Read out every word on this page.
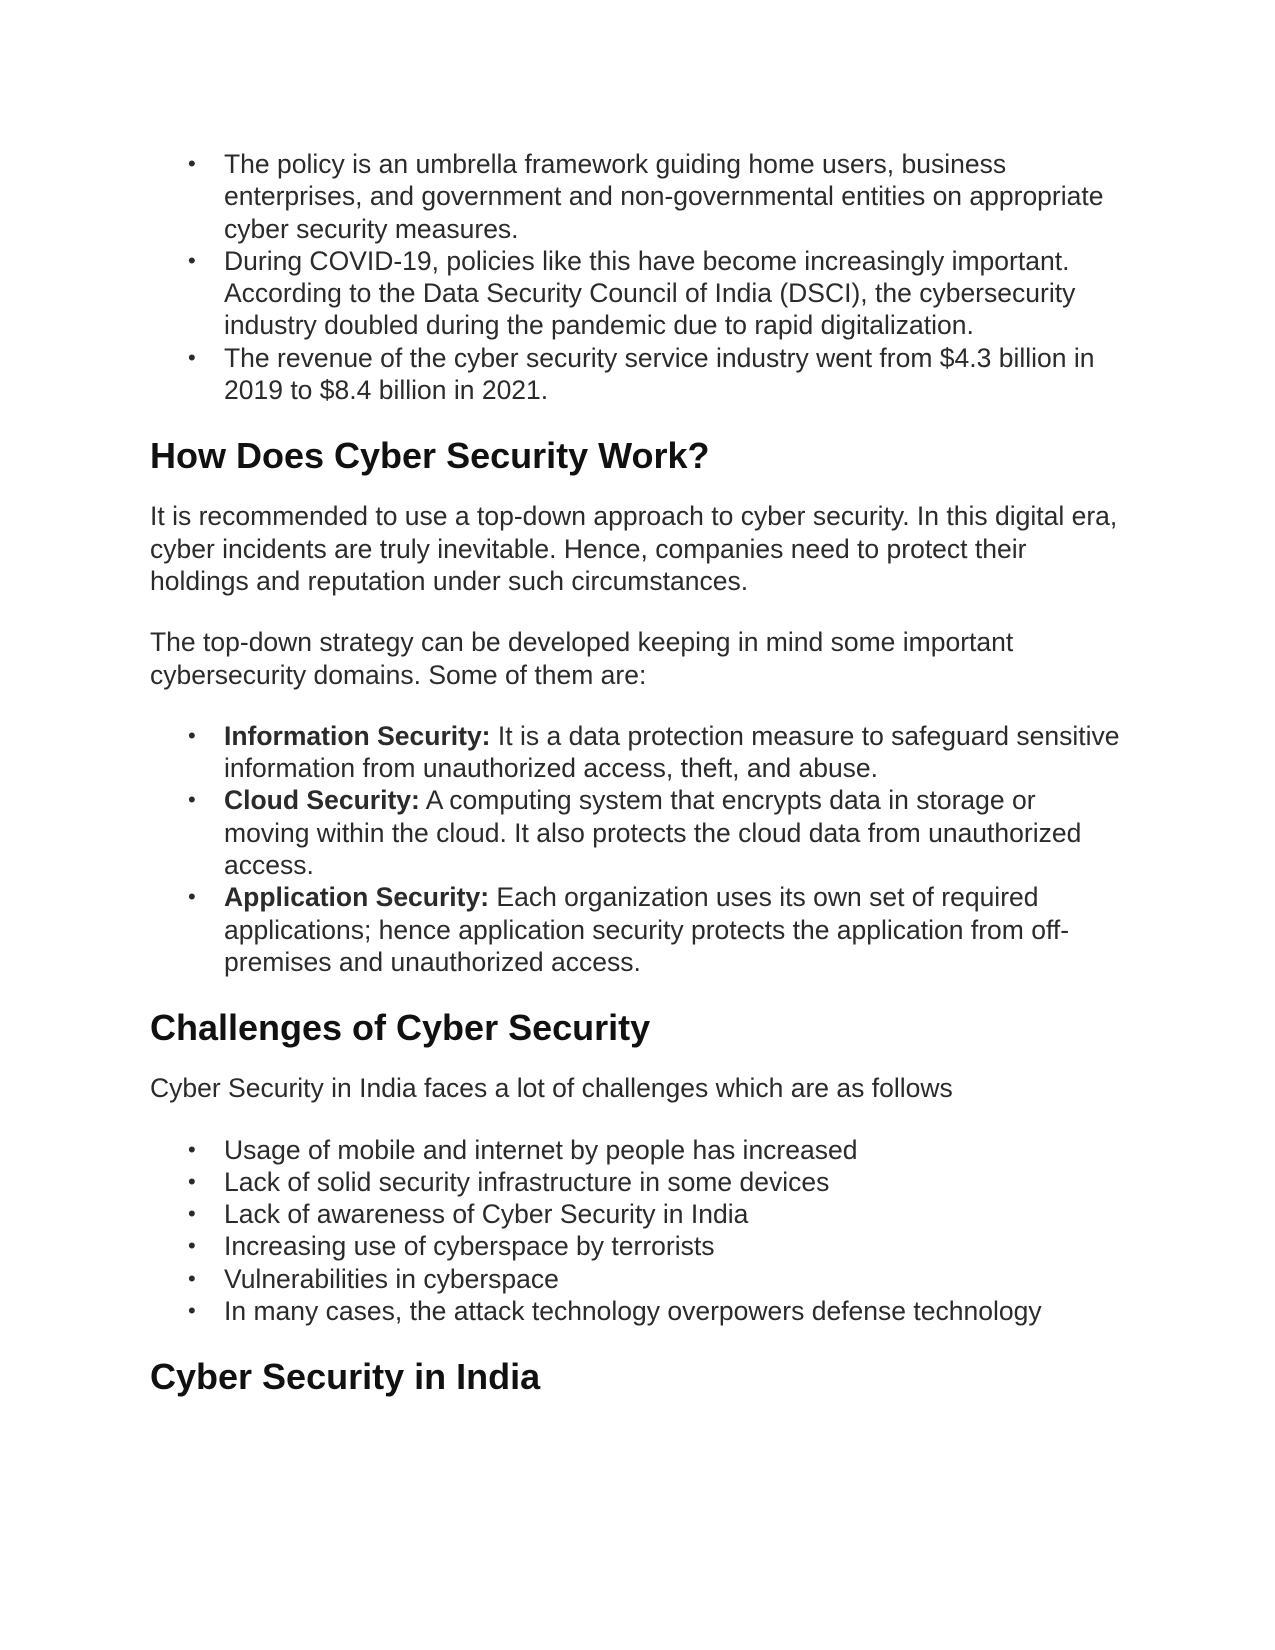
• The policy is an umbrella framework guiding home users, business enterprises, and government and non-governmental entities on appropriate cyber security measures.
• During COVID-19, policies like this have become increasingly important. According to the Data Security Council of India (DSCI), the cybersecurity industry doubled during the pandemic due to rapid digitalization.
• The revenue of the cyber security service industry went from $4.3 billion in 2019 to $8.4 billion in 2021.
How Does Cyber Security Work?

It is recommended to use a top-down approach to cyber security. In this digital era, cyber incidents are truly inevitable. Hence, companies need to protect their holdings and reputation under such circumstances.

The top-down strategy can be developed keeping in mind some important cybersecurity domains. Some of them are:

• Information Security: It is a data protection measure to safeguard sensitive information from unauthorized access, theft, and abuse.
• Cloud Security: A computing system that encrypts data in storage or moving within the cloud. It also protects the cloud data from unauthorized access.
• Application Security: Each organization uses its own set of required applications; hence application security protects the application from off-premises and unauthorized access.
Challenges of Cyber Security

Cyber Security in India faces a lot of challenges which are as follows

• Usage of mobile and internet by people has increased
• Lack of solid security infrastructure in some devices
• Lack of awareness of Cyber Security in India
• Increasing use of cyberspace by terrorists
• Vulnerabilities in cyberspace
• In many cases, the attack technology overpowers defense technology
Cyber Security in India
